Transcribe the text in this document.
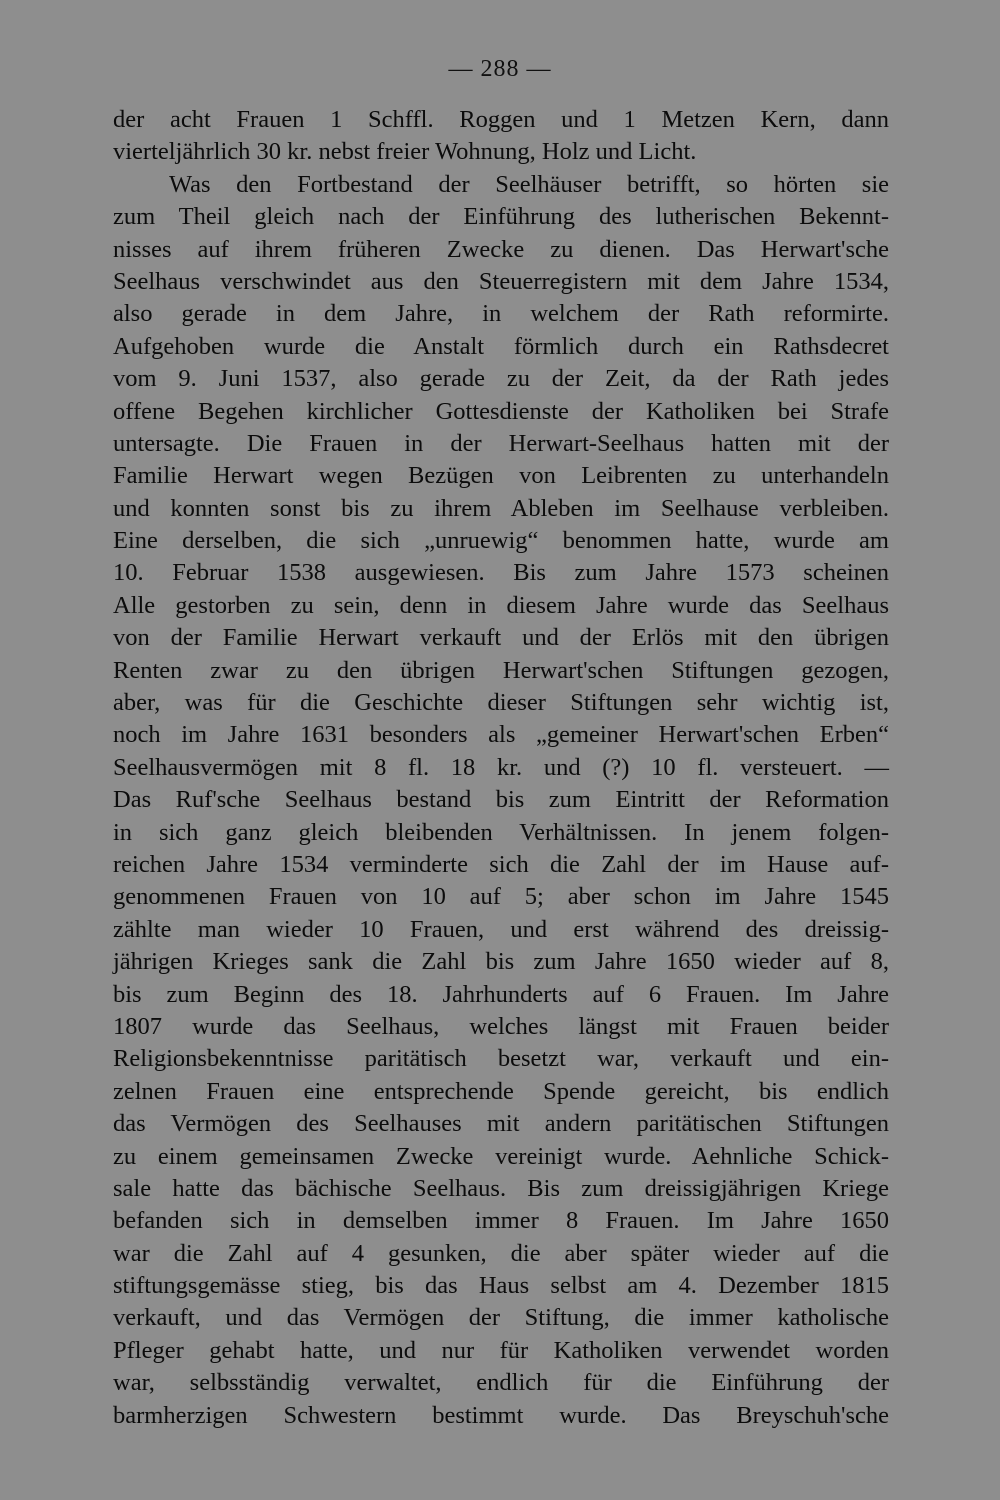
— 288 —
der acht Frauen 1 Schffl. Roggen und 1 Metzen Kern, dann
vierteljährlich 30 kr. nebst freier Wohnung, Holz und Licht.
Was den Fortbestand der Seelhäuser betrifft, so hörten sie
zum Theil gleich nach der Einführung des lutherischen Bekennt-
nisses auf ihrem früheren Zwecke zu dienen. Das Herwart'sche
Seelhaus verschwindet aus den Steuerregistern mit dem Jahre 1534,
also gerade in dem Jahre, in welchem der Rath reformirte.
Aufgehoben wurde die Anstalt förmlich durch ein Rathsdecret
vom 9. Juni 1537, also gerade zu der Zeit, da der Rath jedes
offene Begehen kirchlicher Gottesdienste der Katholiken bei Strafe
untersagte. Die Frauen in der Herwart-Seelhaus hatten mit der
Familie Herwart wegen Bezügen von Leibrenten zu unterhandeln
und konnten sonst bis zu ihrem Ableben im Seelhause verbleiben.
Eine derselben, die sich „unruewig“ benommen hatte, wurde am
10. Februar 1538 ausgewiesen. Bis zum Jahre 1573 scheinen
Alle gestorben zu sein, denn in diesem Jahre wurde das Seelhaus
von der Familie Herwart verkauft und der Erlös mit den übrigen
Renten zwar zu den übrigen Herwart'schen Stiftungen gezogen,
aber, was für die Geschichte dieser Stiftungen sehr wichtig ist,
noch im Jahre 1631 besonders als „gemeiner Herwart'schen Erben“
Seelhausvermögen mit 8 fl. 18 kr. und (?) 10 fl. versteuert. —
Das Ruf'sche Seelhaus bestand bis zum Eintritt der Reformation
in sich ganz gleich bleibenden Verhältnissen. In jenem folgen-
reichen Jahre 1534 verminderte sich die Zahl der im Hause auf-
genommenen Frauen von 10 auf 5; aber schon im Jahre 1545
zählte man wieder 10 Frauen, und erst während des dreissig-
jährigen Krieges sank die Zahl bis zum Jahre 1650 wieder auf 8,
bis zum Beginn des 18. Jahrhunderts auf 6 Frauen. Im Jahre
1807 wurde das Seelhaus, welches längst mit Frauen beider
Religionsbekenntnisse paritätisch besetzt war, verkauft und ein-
zelnen Frauen eine entsprechende Spende gereicht, bis endlich
das Vermögen des Seelhauses mit andern paritätischen Stiftungen
zu einem gemeinsamen Zwecke vereinigt wurde. Aehnliche Schick-
sale hatte das bächische Seelhaus. Bis zum dreissigjährigen Kriege
befanden sich in demselben immer 8 Frauen. Im Jahre 1650
war die Zahl auf 4 gesunken, die aber später wieder auf die
stiftungsgemässe stieg, bis das Haus selbst am 4. Dezember 1815
verkauft, und das Vermögen der Stiftung, die immer katholische
Pfleger gehabt hatte, und nur für Katholiken verwendet worden
war, selbsständig verwaltet, endlich für die Einführung der
barmherzigen Schwestern bestimmt wurde. Das Breyschuh'sche
